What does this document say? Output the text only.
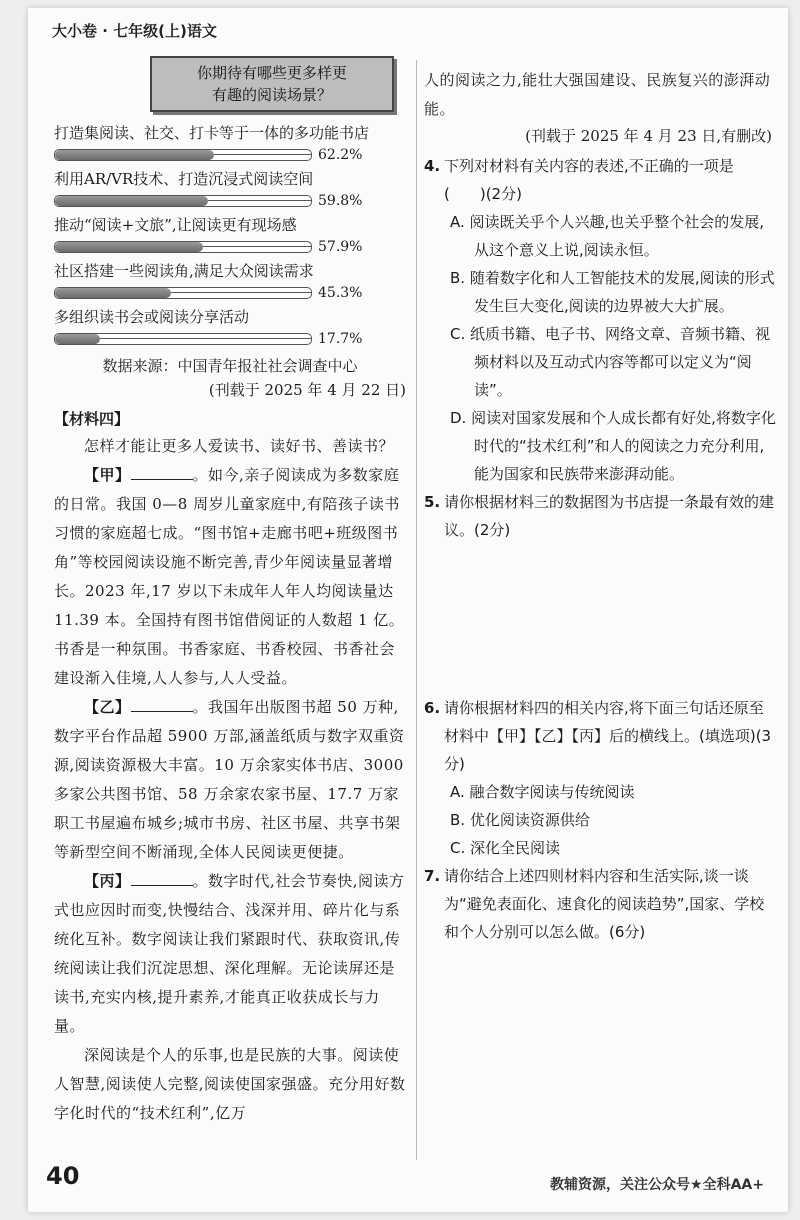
大小卷 · 七年级(上)语文
你期待有哪些更多样更有趣的阅读场景？
打造集阅读、社交、打卡等于一体的多功能书店
62.2%
利用AR/VR技术、打造沉浸式阅读空间
59.8%
推动“阅读+文旅”,让阅读更有现场感
57.9%
社区搭建一些阅读角,满足大众阅读需求
45.3%
多组织读书会或阅读分享活动
17.7%
数据来源：中国青年报社社会调查中心
(刊载于 2025 年 4 月 22 日)
【材料四】

怎样才能让更多人爱读书、读好书、善读书？

【甲】	。如今,亲子阅读成为多数家庭的日常。我国 0—8 周岁儿童家庭中,有陪孩子读书习惯的家庭超七成。“图书馆+走廊书吧+班级图书角”等校园阅读设施不断完善,青少年阅读量显著增长。2023 年,17 岁以下未成年人年人均阅读量达 11.39 本。全国持有图书馆借阅证的人数超 1 亿。书香是一种氛围。书香家庭、书香校园、书香社会建设渐入佳境,人人参与,人人受益。

【乙】	。我国年出版图书超 50 万种,数字平台作品超 5900 万部,涵盖纸质与数字双重资源,阅读资源极大丰富。10 万余家实体书店、3000 多家公共图书馆、58 万余家农家书屋、17.7 万家职工书屋遍布城乡;城市书房、社区书屋、共享书架等新型空间不断涌现,全体人民阅读更便捷。

【丙】	。数字时代,社会节奏快,阅读方式也应因时而变,快慢结合、浅深并用、碎片化与系统化互补。数字阅读让我们紧跟时代、获取资讯,传统阅读让我们沉淀思想、深化理解。无论读屏还是读书,充实内核,提升素养,才能真正收获成长与力量。

深阅读是个人的乐事,也是民族的大事。阅读使人智慧,阅读使人完整,阅读使国家强盛。充分用好数字化时代的“技术红利”,亿万

人的阅读之力,能壮大强国建设、民族复兴的澎湃动能。

(刊载于 2025 年 4 月 23 日,有删改)
4. 下列对材料有关内容的表述,不正确的一项是　　　　(　　)(2分)
A. 阅读既关乎个人兴趣,也关乎整个社会的发展,从这个意义上说,阅读永恒。
B. 随着数字化和人工智能技术的发展,阅读的形式发生巨大变化,阅读的边界被大大扩展。
C. 纸质书籍、电子书、网络文章、音频书籍、视频材料以及互动式内容等都可以定义为“阅读”。
D. 阅读对国家发展和个人成长都有好处,将数字化时代的“技术红利”和人的阅读之力充分利用,能为国家和民族带来澎湃动能。
5. 请你根据材料三的数据图为书店提一条最有效的建议。(2分)
6. 请你根据材料四的相关内容,将下面三句话还原至材料中【甲】【乙】【丙】后的横线上。(填选项)(3分)
A. 融合数字阅读与传统阅读
B. 优化阅读资源供给
C. 深化全民阅读
7. 请你结合上述四则材料内容和生活实际,谈一谈为“避免表面化、速食化的阅读趋势”,国家、学校和个人分别可以怎么做。(6分)
40	教辅资源，关注公众号★全科AA+
